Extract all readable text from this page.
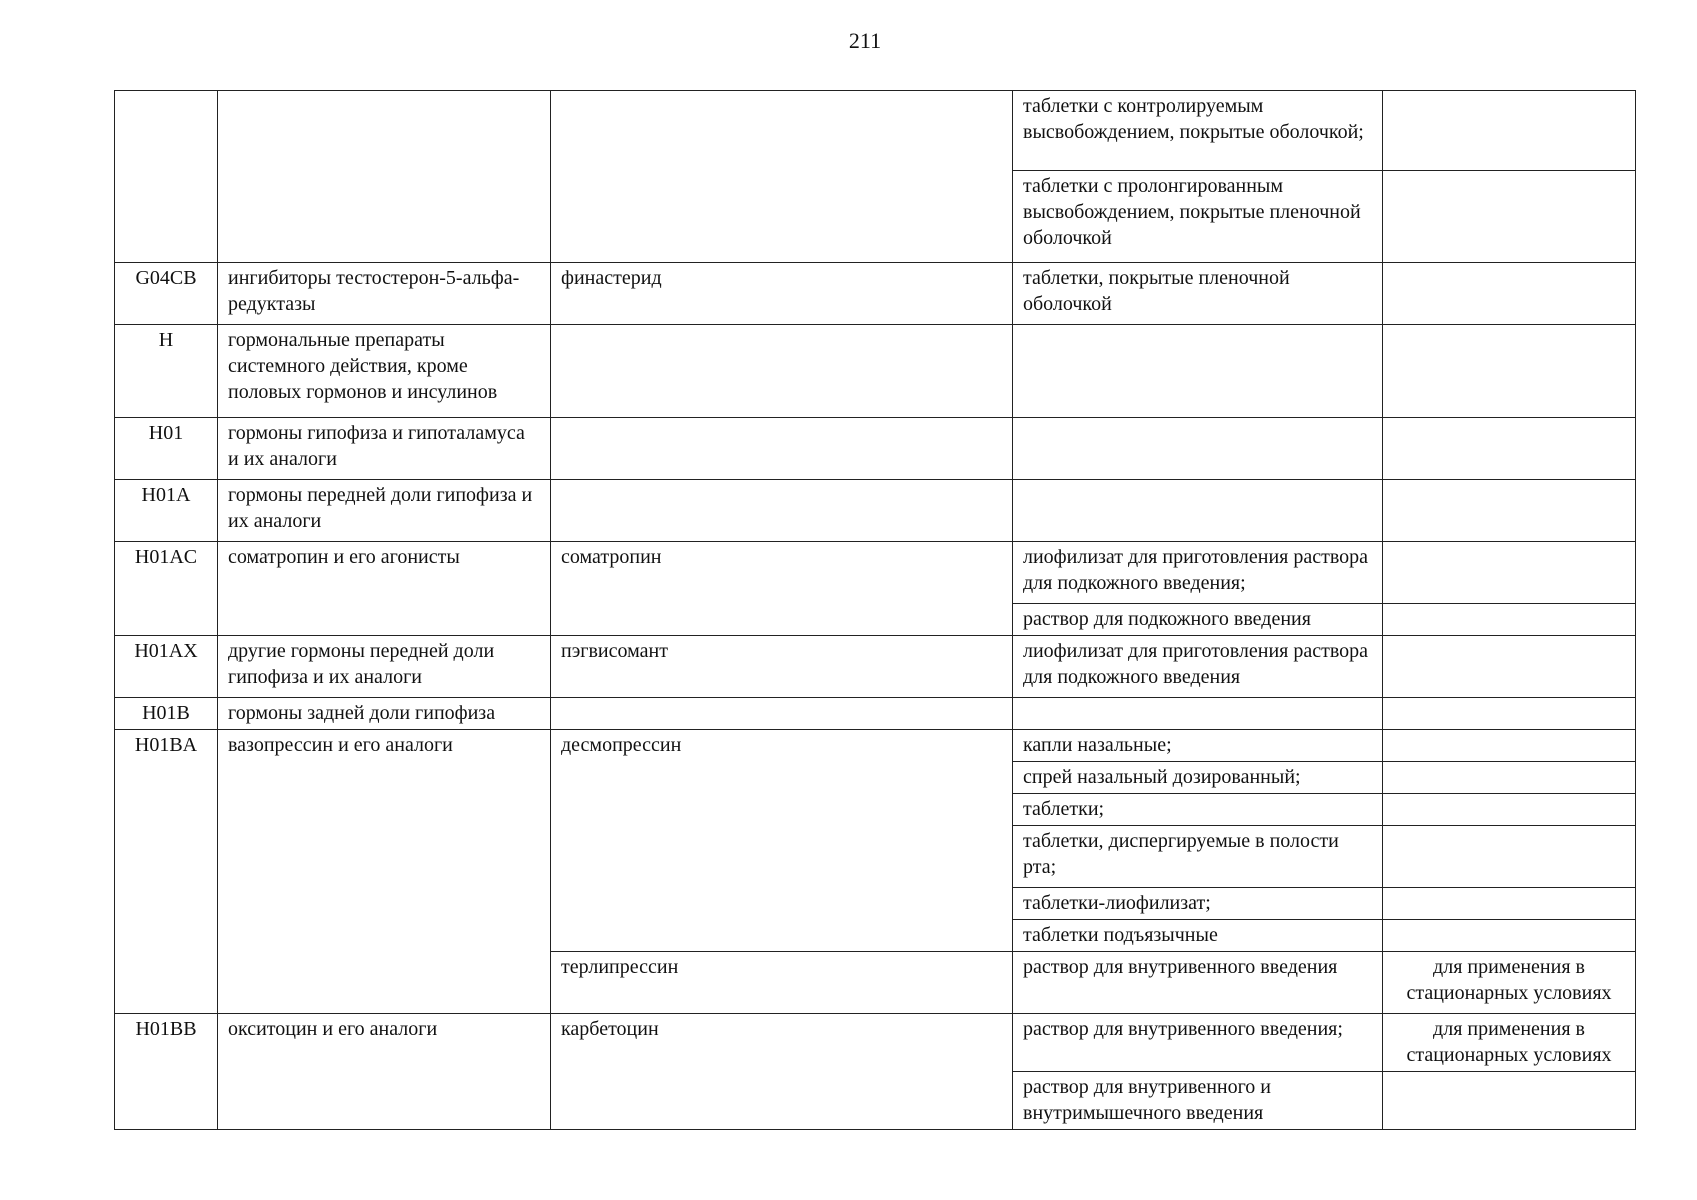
211
			таблетки с контролируемым высвобождением, покрытые оболочкой;	
			таблетки с пролонгированным высвобождением, покрытые пленочной оболочкой	
G04CB	ингибиторы тестостерон-5-альфа-редуктазы	финастерид	таблетки, покрытые пленочной оболочкой	
H	гормональные препараты системного действия, кроме половых гормонов и инсулинов			
H01	гормоны гипофиза и гипоталамуса и их аналоги			
H01A	гормоны передней доли гипофиза и их аналоги			
H01AC	соматропин и его агонисты	соматропин	лиофилизат для приготовления раствора для подкожного введения;	
			раствор для подкожного введения	
H01AX	другие гормоны передней доли гипофиза и их аналоги	пэгвисомант	лиофилизат для приготовления раствора для подкожного введения	
H01B	гормоны задней доли гипофиза			
H01BA	вазопрессин и его аналоги	десмопрессин	капли назальные;	
			спрей назальный дозированный;	
			таблетки;	
			таблетки, диспергируемые в полости рта;	
			таблетки-лиофилизат;	
			таблетки подъязычные	
		терлипрессин	раствор для внутривенного введения	для применения в стационарных условиях
H01BB	окситоцин и его аналоги	карбетоцин	раствор для внутривенного введения;	для применения в стационарных условиях
			раствор для внутривенного и внутримышечного введения	
